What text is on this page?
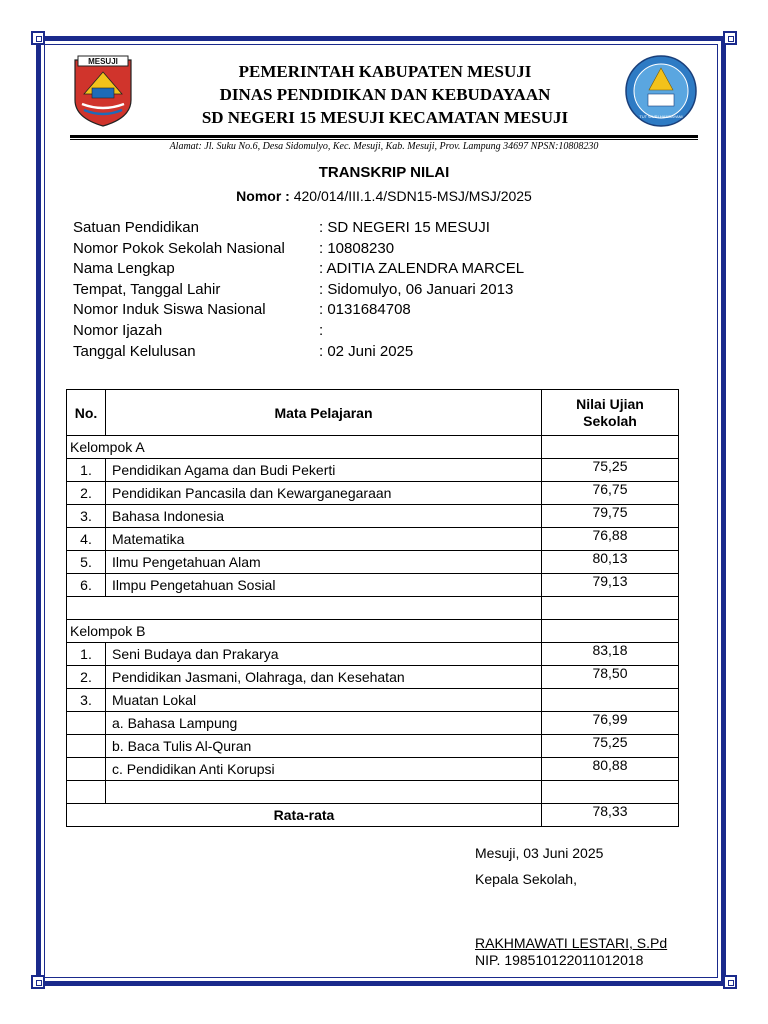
MESUJI
TUT WURI HANDAYANI
PEMERINTAH KABUPATEN MESUJI
DINAS PENDIDIKAN DAN KEBUDAYAAN
SD NEGERI 15 MESUJI KECAMATAN MESUJI
Alamat: Jl. Suku No.6, Desa Sidomulyo, Kec. Mesuji, Kab. Mesuji, Prov. Lampung 34697 NPSN:10808230
TRANSKRIP NILAI
Nomor : 420/014/III.1.4/SDN15-MSJ/MSJ/2025
Satuan Pendidikan	: SD NEGERI 15 MESUJI
Nomor Pokok Sekolah Nasional : 10808230
Nama Lengkap	: ADITIA ZALENDRA MARCEL
Tempat, Tanggal Lahir	: Sidomulyo, 06 Januari 2013
Nomor Induk Siswa Nasional	: 0131684708
Nomor Ijazah	:
Tanggal Kelulusan	: 02 Juni 2025
No.	Mata Pelajaran	Nilai Ujian Sekolah
Kelompok A		
1.	Pendidikan Agama dan Budi Pekerti	75,25
2.	Pendidikan Pancasila dan Kewarganegaraan	76,75
3.	Bahasa Indonesia	79,75
4.	Matematika	76,88
5.	Ilmu Pengetahuan Alam	80,13
6.	Ilmpu Pengetahuan Sosial	79,13

Kelompok B		
1.	Seni Budaya dan Prakarya	83,18
2.	Pendidikan Jasmani, Olahraga, dan Kesehatan	78,50
3.	Muatan Lokal	
	a. Bahasa Lampung	76,99
	b. Baca Tulis Al-Quran	75,25
	c. Pendidikan Anti Korupsi	80,88

Rata-rata		78,33
Mesuji, 03 Juni 2025
Kepala Sekolah,
RAKHMAWATI LESTARI, S.Pd
NIP. 198510122011012018
